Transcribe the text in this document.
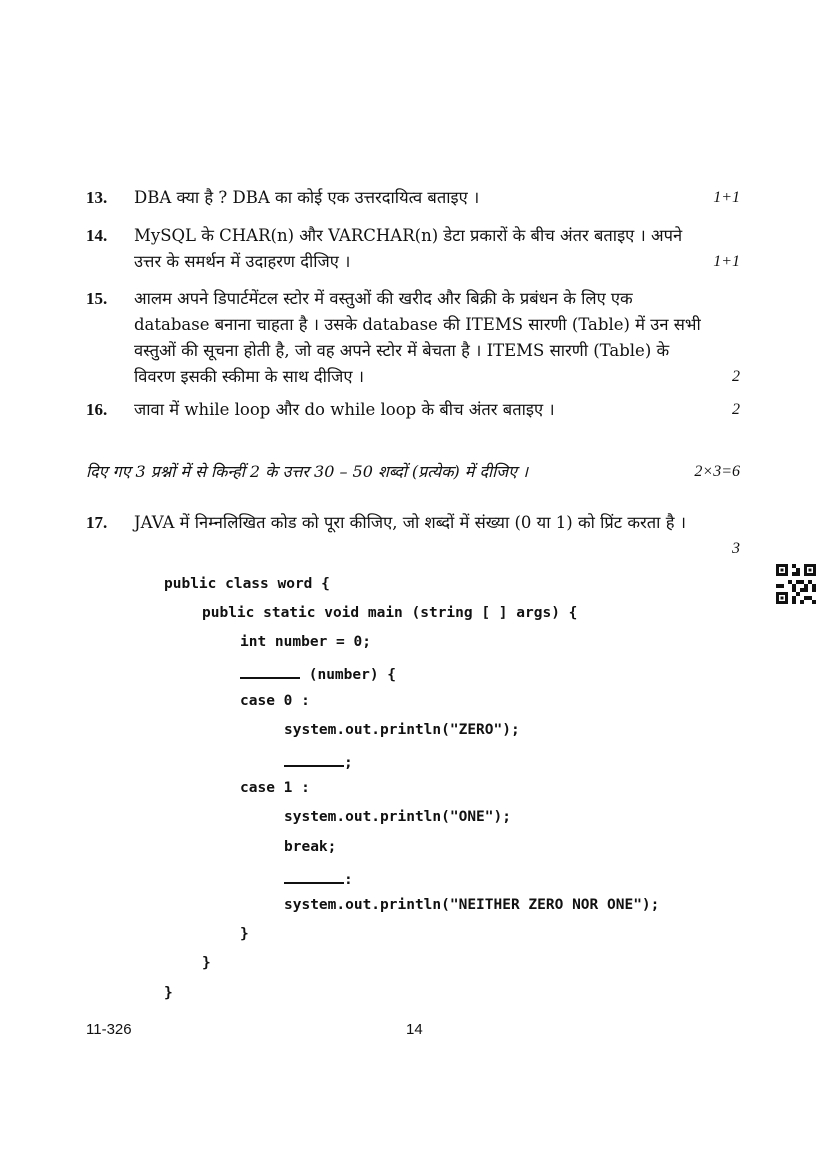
13. DBA क्या है ? DBA का कोई एक उत्तरदायित्व बताइए ।	1+1
14. MySQL के CHAR(n) और VARCHAR(n) डेटा प्रकारों के बीच अंतर बताइए । अपने उत्तर के समर्थन में उदाहरण दीजिए ।	1+1
15. आलम अपने डिपार्टमेंटल स्टोर में वस्तुओं की खरीद और बिक्री के प्रबंधन के लिए एक database बनाना चाहता है । उसके database की ITEMS सारणी (Table) में उन सभी वस्तुओं की सूचना होती है, जो वह अपने स्टोर में बेचता है । ITEMS सारणी (Table) के विवरण इसकी स्कीमा के साथ दीजिए ।	2
16. जावा में while loop और do while loop के बीच अंतर बताइए ।	2
दिए गए 3 प्रश्नों में से किन्हीं 2 के उत्तर 30 – 50 शब्दों (प्रत्येक) में दीजिए ।	2×3=6
17. JAVA में निम्नलिखित कोड को पूरा कीजिए, जो शब्दों में संख्या (0 या 1) को प्रिंट करता है ।
3
public class word {
public static void main (string [ ] args) {
int number = 0;
(number) {
case 0 :
system.out.println("ZERO");
;
case 1 :
system.out.println("ONE");
break;
:
system.out.println("NEITHER ZERO NOR ONE");
}
}
}
11-326	14
